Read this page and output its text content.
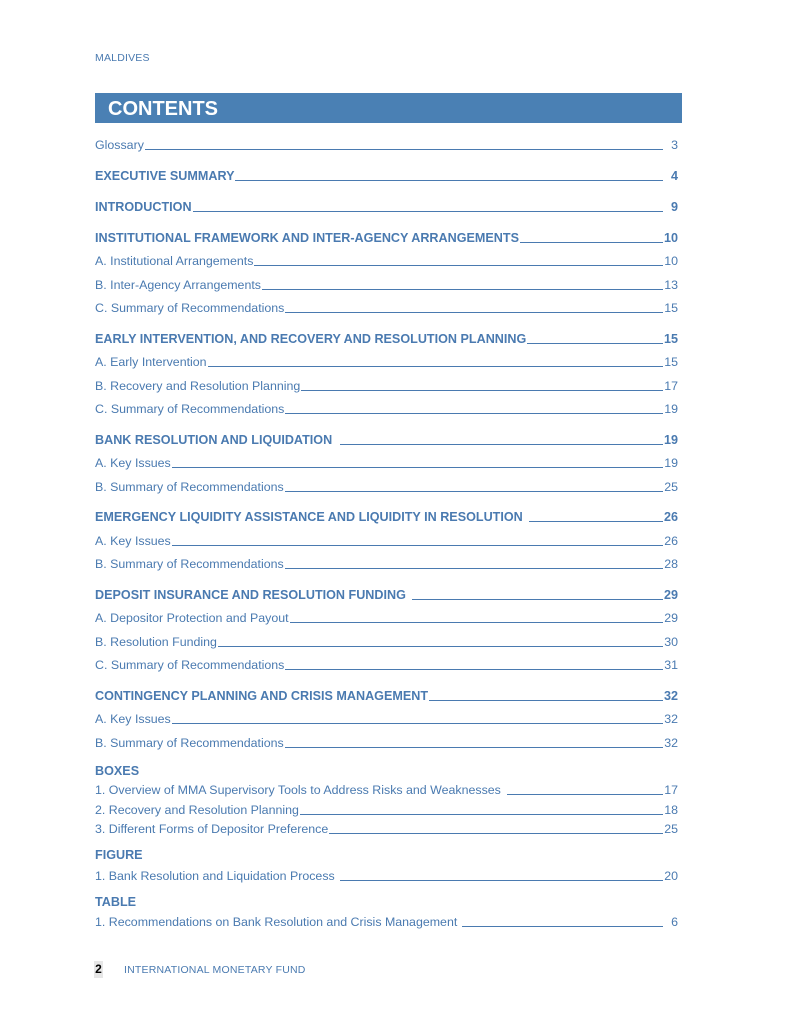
MALDIVES
CONTENTS
Glossary	3
EXECUTIVE SUMMARY	4
INTRODUCTION	9
INSTITUTIONAL FRAMEWORK AND INTER-AGENCY ARRANGEMENTS	10
A. Institutional Arrangements	10
B. Inter-Agency Arrangements	13
C. Summary of Recommendations	15
EARLY INTERVENTION, AND RECOVERY AND RESOLUTION PLANNING	15
A. Early Intervention	15
B. Recovery and Resolution Planning	17
C. Summary of Recommendations	19
BANK RESOLUTION AND LIQUIDATION	19
A. Key Issues	19
B. Summary of Recommendations	25
EMERGENCY LIQUIDITY ASSISTANCE AND LIQUIDITY IN RESOLUTION	26
A. Key Issues	26
B. Summary of Recommendations	28
DEPOSIT INSURANCE AND RESOLUTION FUNDING	29
A. Depositor Protection and Payout	29
B. Resolution Funding	30
C. Summary of Recommendations	31
CONTINGENCY PLANNING AND CRISIS MANAGEMENT	32
A. Key Issues	32
B. Summary of Recommendations	32
BOXES
1. Overview of MMA Supervisory Tools to Address Risks and Weaknesses	17
2. Recovery and Resolution Planning	18
3. Different Forms of Depositor Preference	25
FIGURE
1. Bank Resolution and Liquidation Process	20
TABLE
1. Recommendations on Bank Resolution and Crisis Management	6
2 INTERNATIONAL MONETARY FUND
